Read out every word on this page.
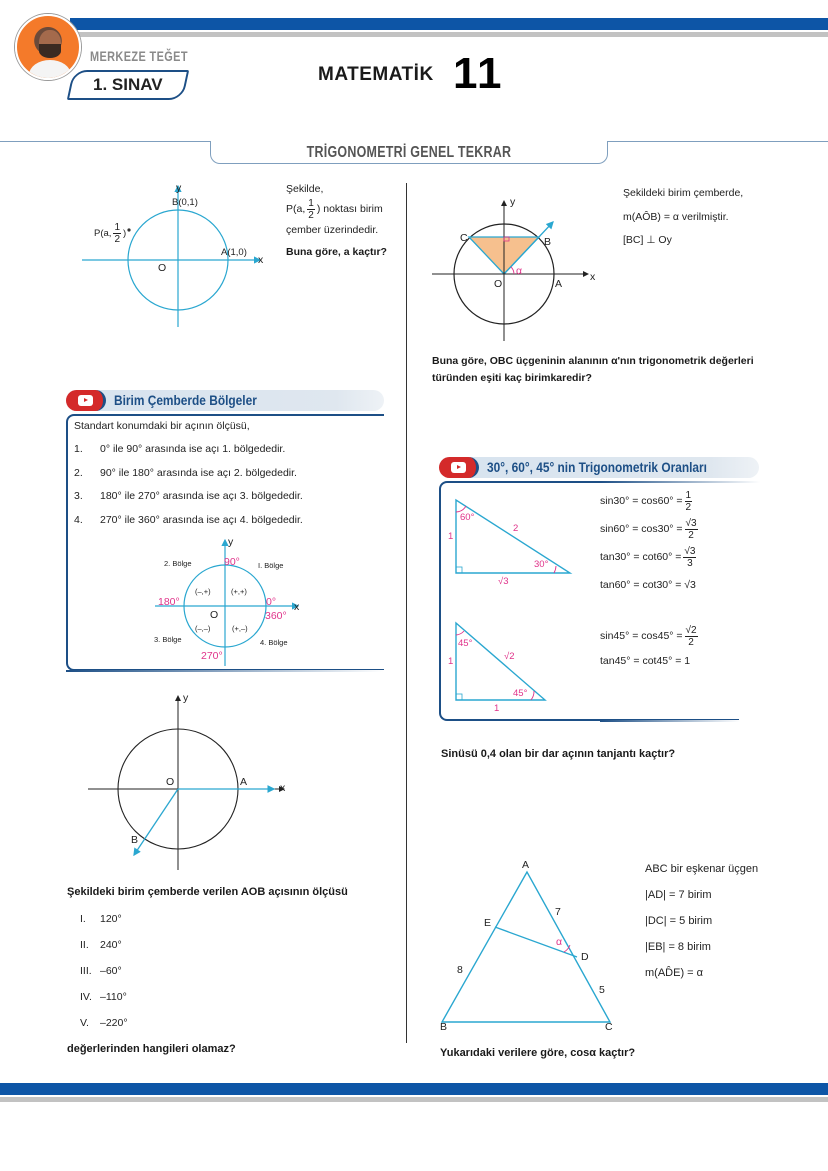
MERKEZE TEĞET
1. SINAV	MATEMATİK 11
TRİGONOMETRİ GENEL TEKRAR
y
x
O
B(0,1)
A(1,0)
P(a, $\frac{1}{2}$ )
Şekilde,
P(a, $\frac{1}{2}$ ) noktası birim
çember üzerindedir.
Buna göre, a kaçtır?
y
x
O	A
B
C
α
Şekildeki birim çemberde,
m(AÔB) = α verilmiştir.
[BC] ⊥ Oy
Buna göre, OBC üçgeninin alanının α'nın trigonometrik değerleri
türünden eşiti kaç birimkaredir?
Birim Çemberde Bölgeler
Standart konumdaki bir açının ölçüsü,
1.	0° ile 90° arasında ise açı 1. bölgededir.
2.	90° ile 180° arasında ise açı 2. bölgededir.
3.	180° ile 270° arasında ise açı 3. bölgededir.
4.	270° ile 360° arasında ise açı 4. bölgededir.
y
x
O
90°
180°	0°
360°
270°
I. Bölge
2. Bölge
3. Bölge	4. Bölge
(+,+)
(–,+)
(–,–)	(+,–)
y
x
O	A
B
Şekildeki birim çemberde verilen AOB açısının ölçüsü
I.	120°
II.	240°
III. –60°
IV. –110°
V.	–220°
değerlerinden hangileri olamaz?
30°, 60°, 45° nin Trigonometrik Oranları
60°
30°
1
2
√3
$\sin 30^\circ = \cos 60^\circ = \frac{1}{2}$
$\sin 60^\circ = \cos 30^\circ = \frac{√3}{2}$
$\tan 30^\circ = \cot 60^\circ = \frac{√3}{3}$
tan60° = cot30° = √3
45°
45°
1	√2
1
$\sin 45^\circ = \cos 45^\circ = \frac{√2}{2}$
tan45° = cot45° = 1
Sinüsü 0,4 olan bir dar açının tanjantı kaçtır?
A
B	C
D
E
7
5
8
α
ABC bir eşkenar üçgen
|AD| = 7 birim
|DC| = 5 birim
|EB| = 8 birim
m(AD̂E) = α
Yukarıdaki verilere göre, cosα kaçtır?
